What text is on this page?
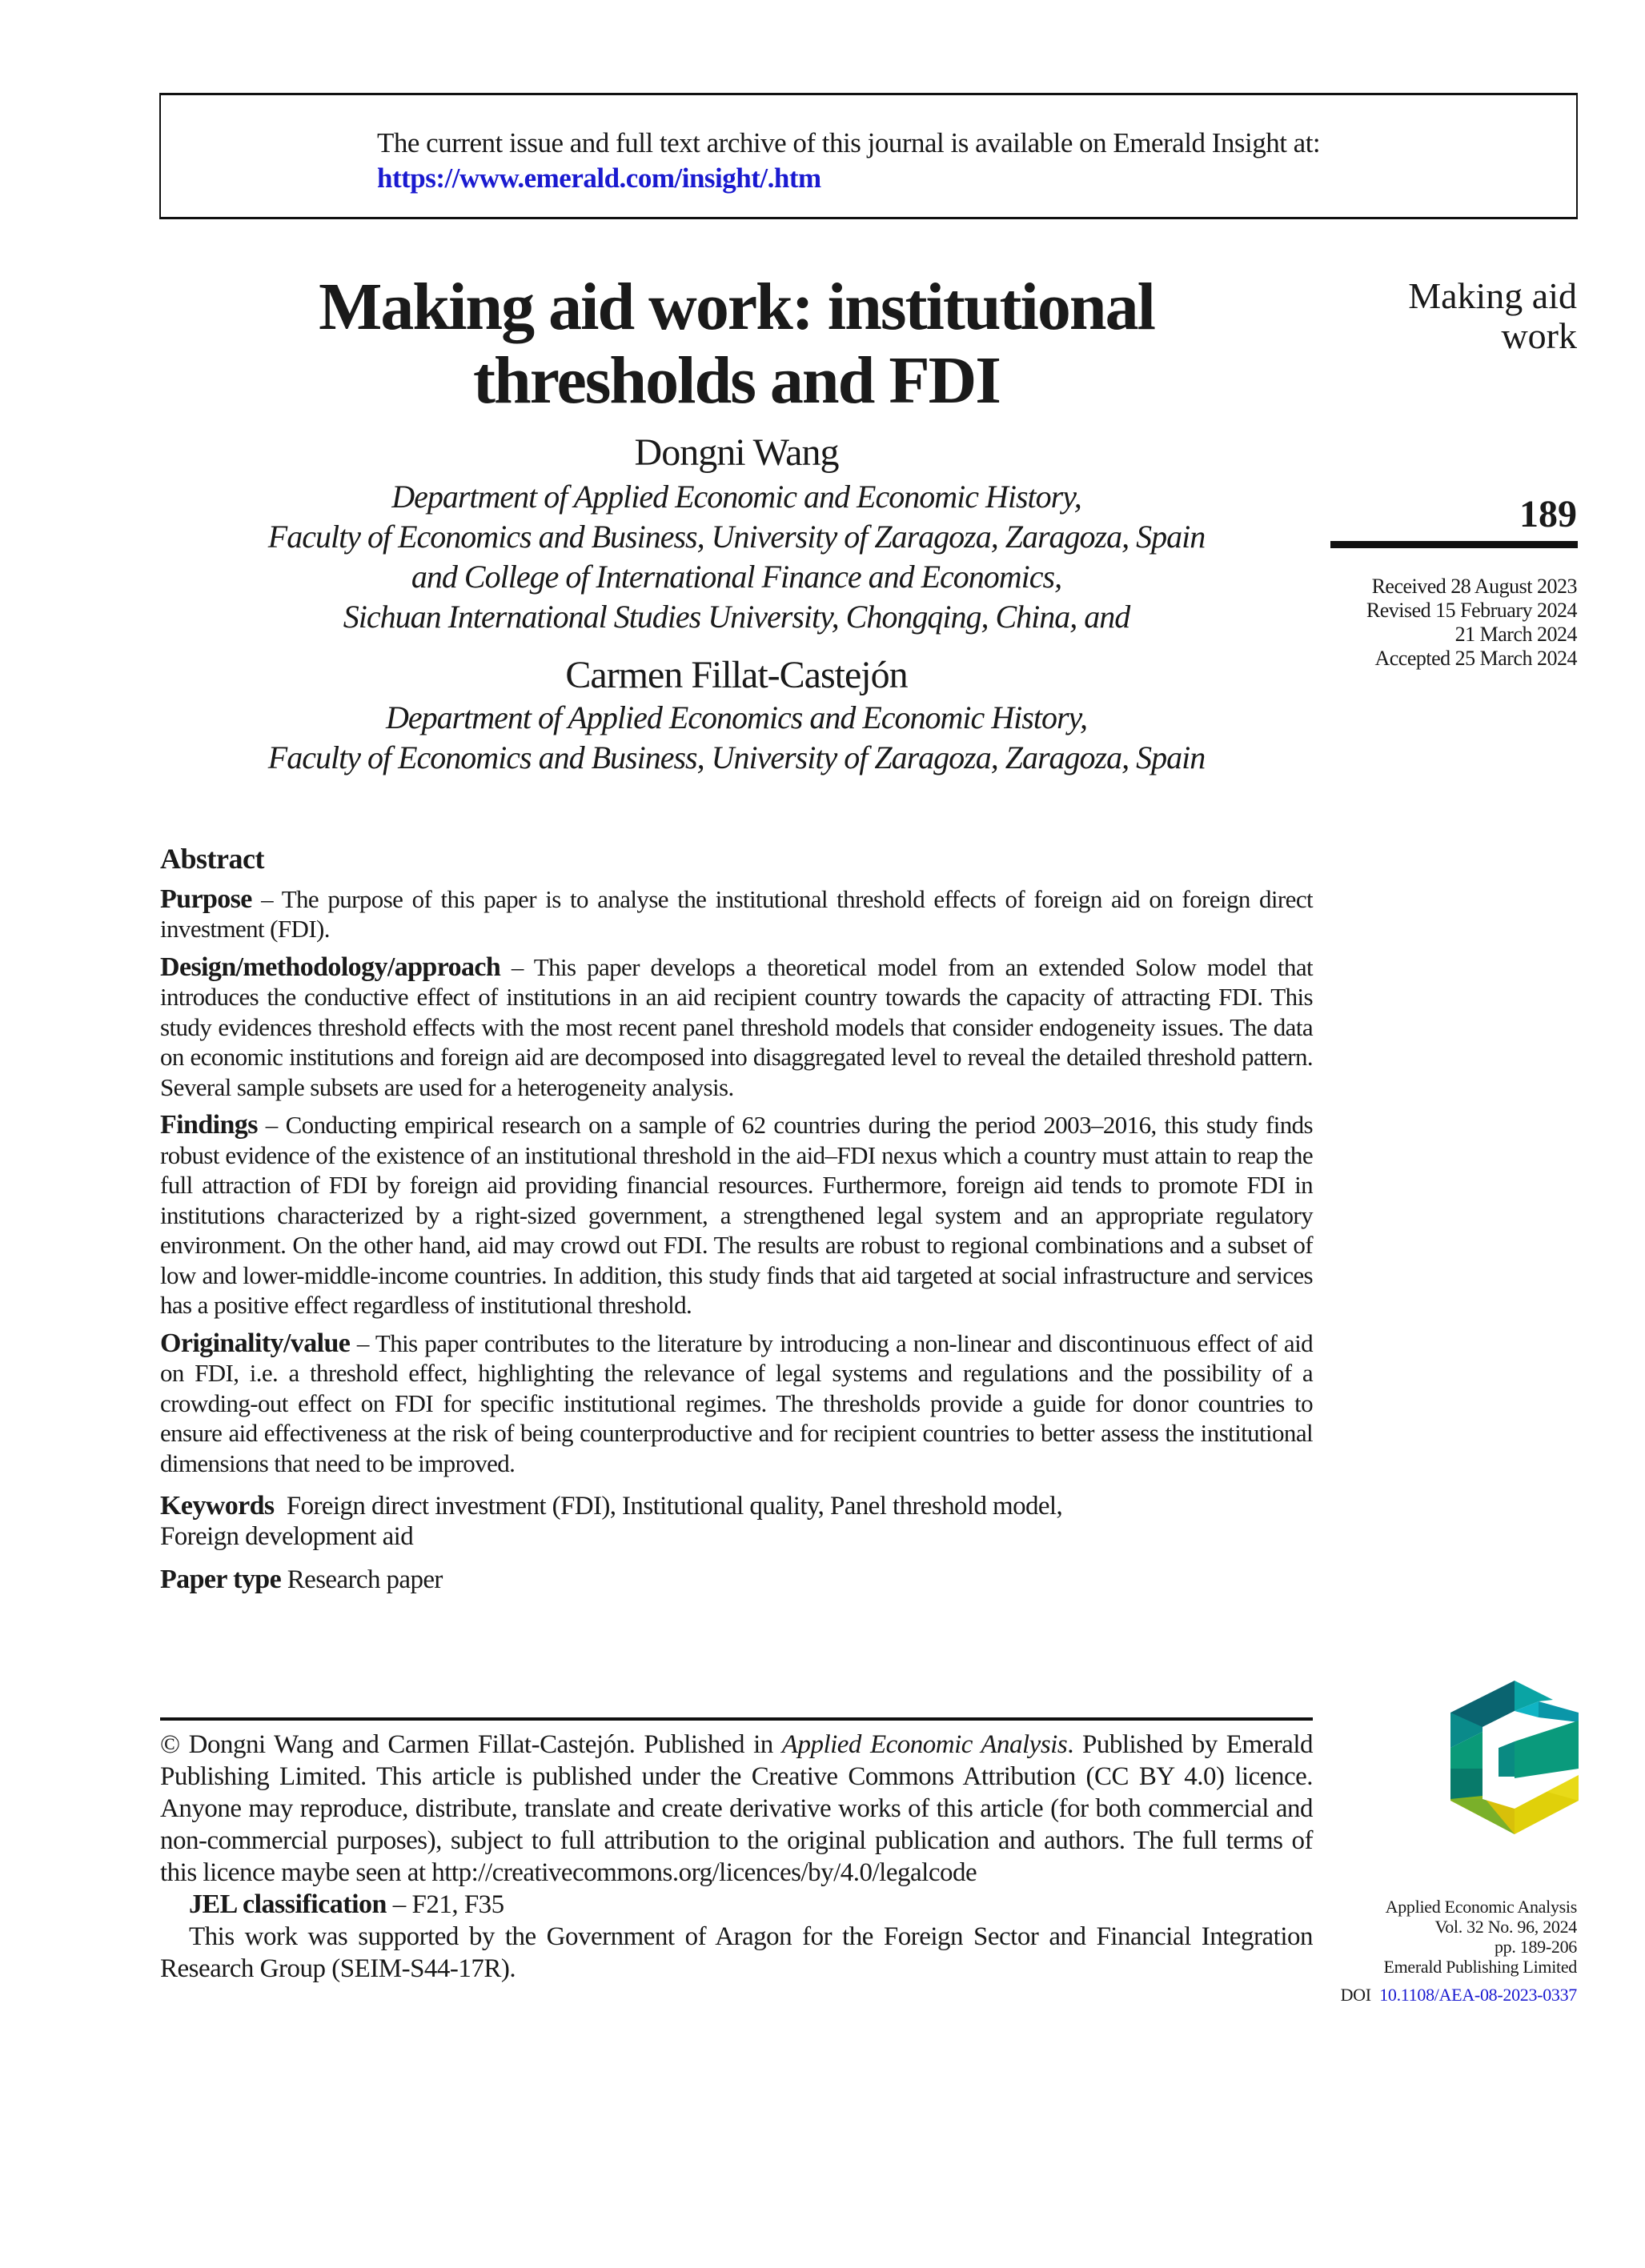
The current issue and full text archive of this journal is available on Emerald Insight at:
https://www.emerald.com/insight/.htm
Making aid work: institutional
thresholds and FDI
Dongni Wang
Department of Applied Economic and Economic History,
Faculty of Economics and Business, University of Zaragoza, Zaragoza, Spain
and College of International Finance and Economics,
Sichuan International Studies University, Chongqing, China, and
Carmen Fillat-Castejón
Department of Applied Economics and Economic History,
Faculty of Economics and Business, University of Zaragoza, Zaragoza, Spain
Making aid
work
189
Received 28 August 2023
Revised 15 February 2024
21 March 2024
Accepted 25 March 2024
Abstract

Purpose – The purpose of this paper is to analyse the institutional threshold effects of foreign aid on foreign direct investment (FDI).

Design/methodology/approach – This paper develops a theoretical model from an extended Solow model that introduces the conductive effect of institutions in an aid recipient country towards the capacity of attracting FDI. This study evidences threshold effects with the most recent panel threshold models that consider endogeneity issues. The data on economic institutions and foreign aid are decomposed into disaggregated level to reveal the detailed threshold pattern. Several sample subsets are used for a heterogeneity analysis.

Findings – Conducting empirical research on a sample of 62 countries during the period 2003–2016, this study finds robust evidence of the existence of an institutional threshold in the aid–FDI nexus which a country must attain to reap the full attraction of FDI by foreign aid providing financial resources. Furthermore, foreign aid tends to promote FDI in institutions characterized by a right-sized government, a strengthened legal system and an appropriate regulatory environment. On the other hand, aid may crowd out FDI. The results are robust to regional combinations and a subset of low and lower-middle-income countries. In addition, this study finds that aid targeted at social infrastructure and services has a positive effect regardless of institutional threshold.

Originality/value – This paper contributes to the literature by introducing a non-linear and discontinuous effect of aid on FDI, i.e. a threshold effect, highlighting the relevance of legal systems and regulations and the possibility of a crowding-out effect on FDI for specific institutional regimes. The thresholds provide a guide for donor countries to ensure aid effectiveness at the risk of being counterproductive and for recipient countries to better assess the institutional dimensions that need to be improved.

Keywords Foreign direct investment (FDI), Institutional quality, Panel threshold model,
Foreign development aid
Paper type Research paper

© Dongni Wang and Carmen Fillat-Castejón. Published in Applied Economic Analysis. Published by Emerald Publishing Limited. This article is published under the Creative Commons Attribution (CC BY 4.0) licence. Anyone may reproduce, distribute, translate and create derivative works of this article (for both commercial and non-commercial purposes), subject to full attribution to the original publication and authors. The full terms of this licence maybe seen at http://creativecommons.org/licences/by/4.0/legalcode

JEL classification – F21, F35

This work was supported by the Government of Aragon for the Foreign Sector and Financial Integration Research Group (SEIM-S44-17R).

Applied Economic Analysis
Vol. 32 No. 96, 2024
pp. 189-206
Emerald Publishing Limited
DOI 10.1108/AEA-08-2023-0337
